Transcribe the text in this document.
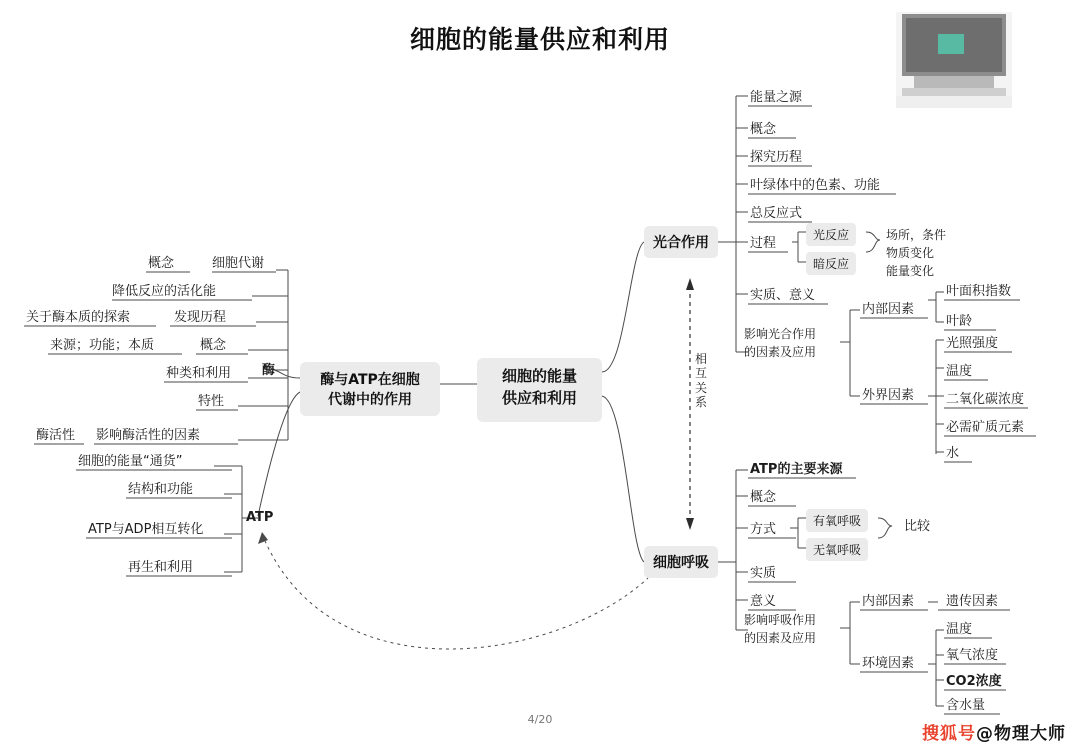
细胞的能量供应和利用
细胞的能量
供应和利用
酶与ATP在细胞
代谢中的作用
酶
ATP
细胞代谢
概念
降低反应的活化能
发现历程
关于酶本质的探索
概念
来源；功能；本质
种类和利用
特性
影响酶活性的因素
酶活性
细胞的能量“通货”
结构和功能
ATP与ADP相互转化
再生和利用
光合作用
能量之源
概念
探究历程
叶绿体中的色素、功能
总反应式
过程
实质、意义
光反应
暗反应
场所，条件
物质变化
能量变化
影响光合作用
的因素及应用
内部因素
外界因素
叶面积指数
叶龄
光照强度
温度
二氧化碳浓度
必需矿质元素
水
相
互
关
系
细胞呼吸
ATP的主要来源
概念
方式
实质
意义
有氧呼吸
无氧呼吸
比较
影响呼吸作用
的因素及应用
内部因素
环境因素
遗传因素
温度
氧气浓度
CO2浓度
含水量
4/20
搜狐号@物理大师
